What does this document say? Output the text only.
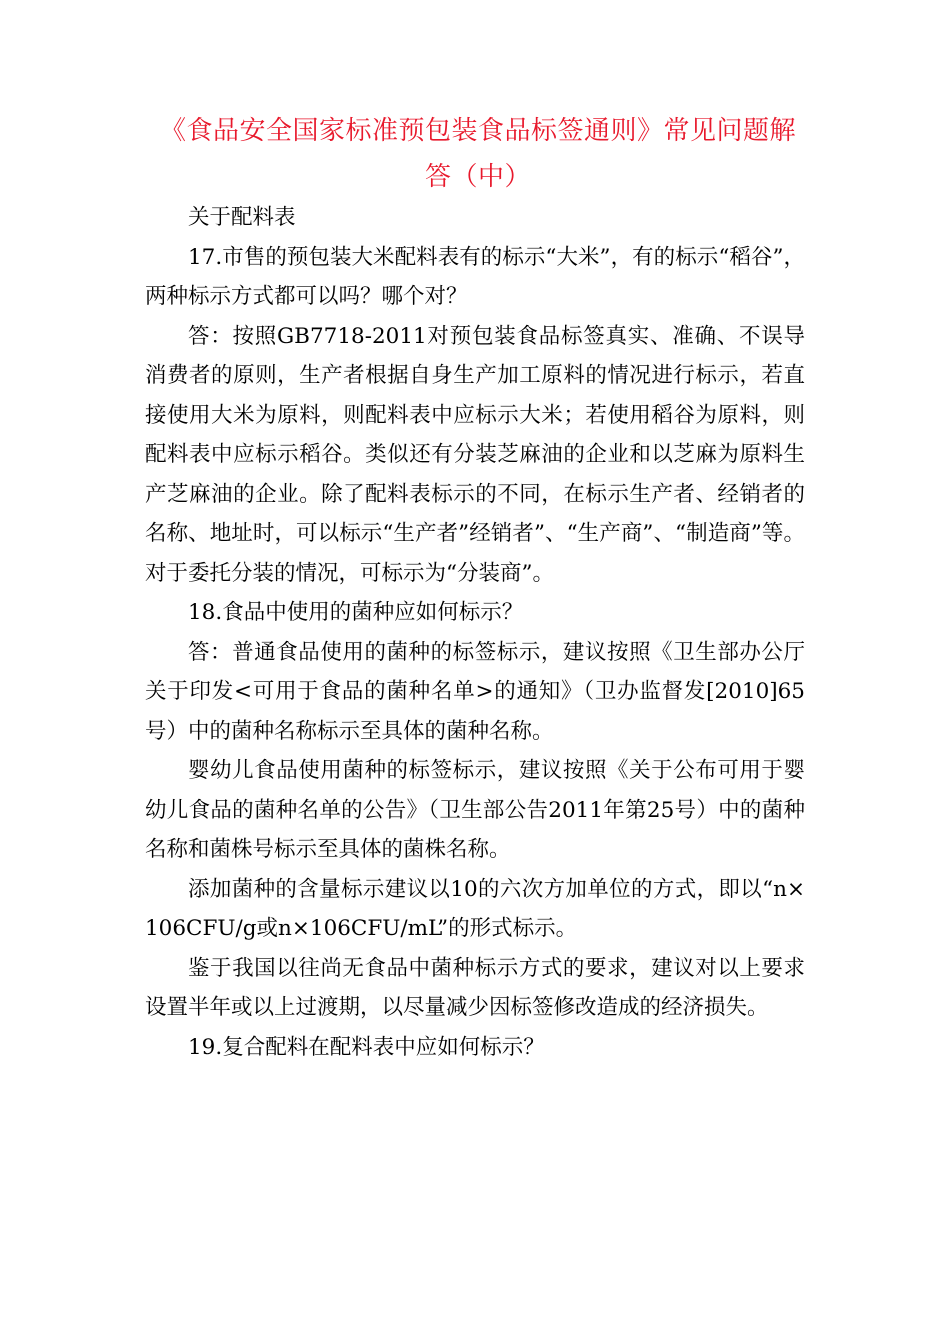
《食品安全国家标准预包装食品标签通则》常见问题解答（中）

关于配料表

17.市售的预包装大米配料表有的标示“大米”，有的标示“稻谷”，两种标示方式都可以吗？哪个对？

答：按照GB7718-2011对预包装食品标签真实、准确、不误导消费者的原则，生产者根据自身生产加工原料的情况进行标示，若直接使用大米为原料，则配料表中应标示大米；若使用稻谷为原料，则配料表中应标示稻谷。类似还有分装芝麻油的企业和以芝麻为原料生产芝麻油的企业。除了配料表标示的不同，在标示生产者、经销者的名称、地址时，可以标示“生产者”经销者”、“生产商”、“制造商”等。对于委托分装的情况，可标示为“分装商”。

18.食品中使用的菌种应如何标示？

答：普通食品使用的菌种的标签标示，建议按照《卫生部办公厅关于印发<可用于食品的菌种名单>的通知》（卫办监督发[2010]65号）中的菌种名称标示至具体的菌种名称。

婴幼儿食品使用菌种的标签标示，建议按照《关于公布可用于婴幼儿食品的菌种名单的公告》（卫生部公告2011年第25号）中的菌种名称和菌株号标示至具体的菌株名称。

添加菌种的含量标示建议以10的六次方加单位的方式，即以“n×106CFU/g或n×106CFU/mL”的形式标示。

鉴于我国以往尚无食品中菌种标示方式的要求，建议对以上要求设置半年或以上过渡期，以尽量减少因标签修改造成的经济损失。

19.复合配料在配料表中应如何标示？
